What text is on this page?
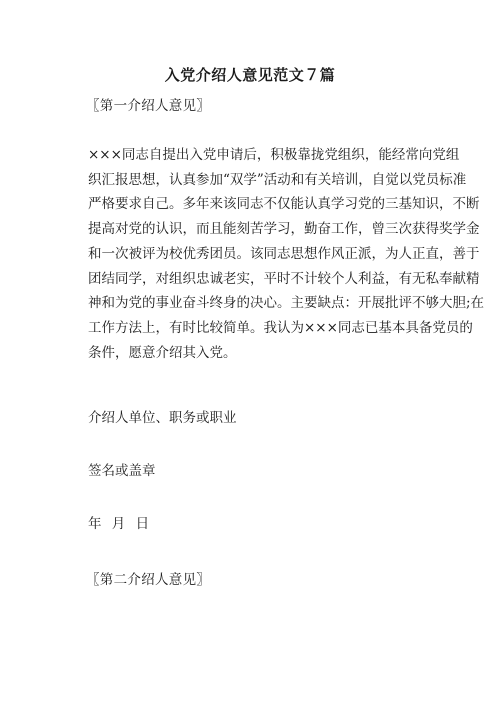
入党介绍人意见范文７篇
〖第一介绍人意见〗
×××同志自提出入党申请后，积极靠拢党组织，能经常向党组
织汇报思想，认真参加“双学”活动和有关培训，自觉以党员标准
严格要求自己。多年来该同志不仅能认真学习党的三基知识，不断
提高对党的认识，而且能刻苦学习，勤奋工作，曾三次获得奖学金
和一次被评为校优秀团员。该同志思想作风正派，为人正直，善于
团结同学，对组织忠诚老实，平时不计较个人利益，有无私奉献精
神和为党的事业奋斗终身的决心。主要缺点：开展批评不够大胆;在
工作方法上，有时比较简单。我认为×××同志已基本具备党员的
条件，愿意介绍其入党。
介绍人单位、职务或职业
签名或盖章
年 月 日
〖第二介绍人意见〗
